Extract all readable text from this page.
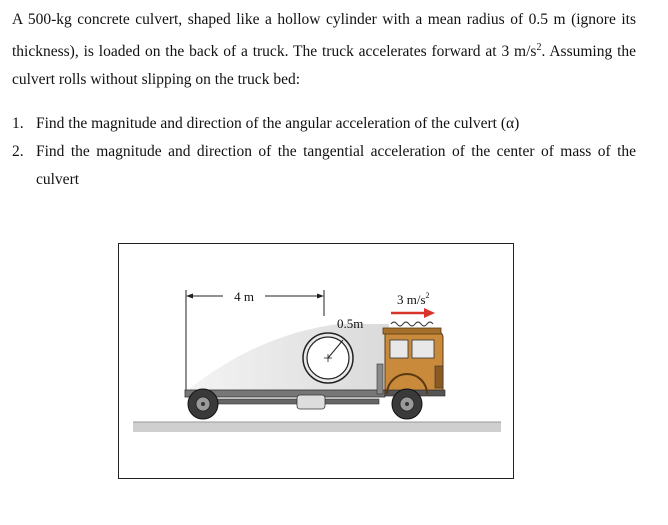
A 500-kg concrete culvert, shaped like a hollow cylinder with a mean radius of 0.5 m (ignore its thickness), is loaded on the back of a truck. The truck accelerates forward at 3 $m/s^2$. Assuming the culvert rolls without slipping on the truck bed:
1. Find the magnitude and direction of the angular acceleration of the culvert (α)
2. Find the magnitude and direction of the tangential acceleration of the center of mass of the culvert
4 m
0.5m
3 $m/s^2$
